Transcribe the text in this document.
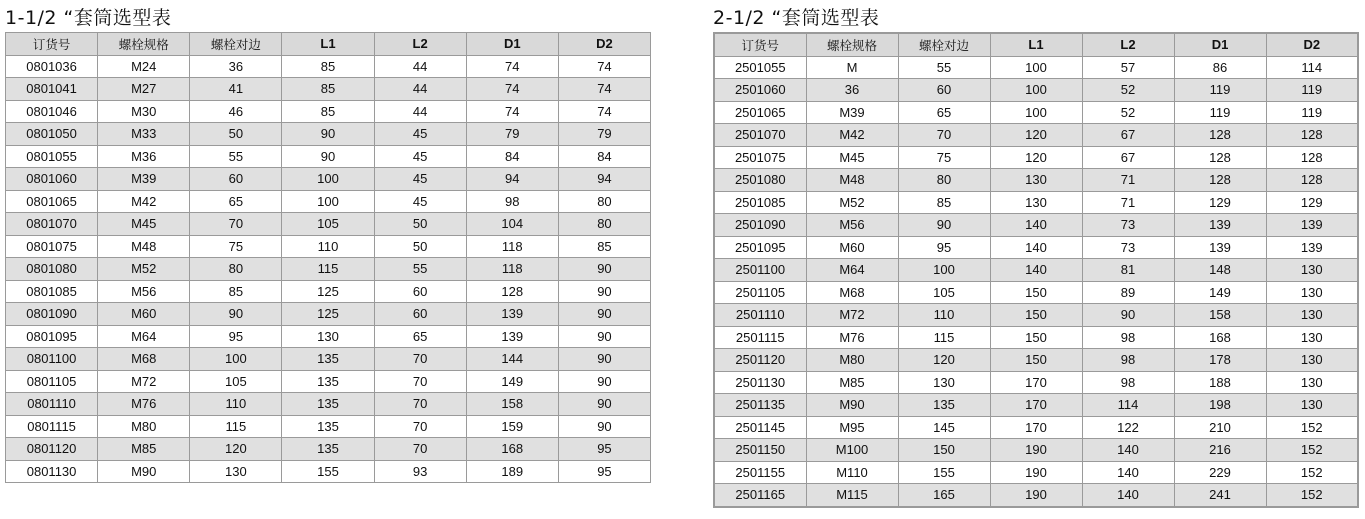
1-1/2 “套筒选型表
订货号	螺栓规格	螺栓对边	L1	L2	D1	D2
0801036	M24	36	85	44	74	74
0801041	M27	41	85	44	74	74
0801046	M30	46	85	44	74	74
0801050	M33	50	90	45	79	79
0801055	M36	55	90	45	84	84
0801060	M39	60	100	45	94	94
0801065	M42	65	100	45	98	80
0801070	M45	70	105	50	104	80
0801075	M48	75	110	50	118	85
0801080	M52	80	115	55	118	90
0801085	M56	85	125	60	128	90
0801090	M60	90	125	60	139	90
0801095	M64	95	130	65	139	90
0801100	M68	100	135	70	144	90
0801105	M72	105	135	70	149	90
0801110	M76	110	135	70	158	90
0801115	M80	115	135	70	159	90
0801120	M85	120	135	70	168	95
0801130	M90	130	155	93	189	95
2-1/2 “套筒选型表
订货号	螺栓规格	螺栓对边	L1	L2	D1	D2
2501055	M	55	100	57	86	114
2501060	36	60	100	52	119	119
2501065	M39	65	100	52	119	119
2501070	M42	70	120	67	128	128
2501075	M45	75	120	67	128	128
2501080	M48	80	130	71	128	128
2501085	M52	85	130	71	129	129
2501090	M56	90	140	73	139	139
2501095	M60	95	140	73	139	139
2501100	M64	100	140	81	148	130
2501105	M68	105	150	89	149	130
2501110	M72	110	150	90	158	130
2501115	M76	115	150	98	168	130
2501120	M80	120	150	98	178	130
2501130	M85	130	170	98	188	130
2501135	M90	135	170	114	198	130
2501145	M95	145	170	122	210	152
2501150	M100	150	190	140	216	152
2501155	M110	155	190	140	229	152
2501165	M115	165	190	140	241	152
